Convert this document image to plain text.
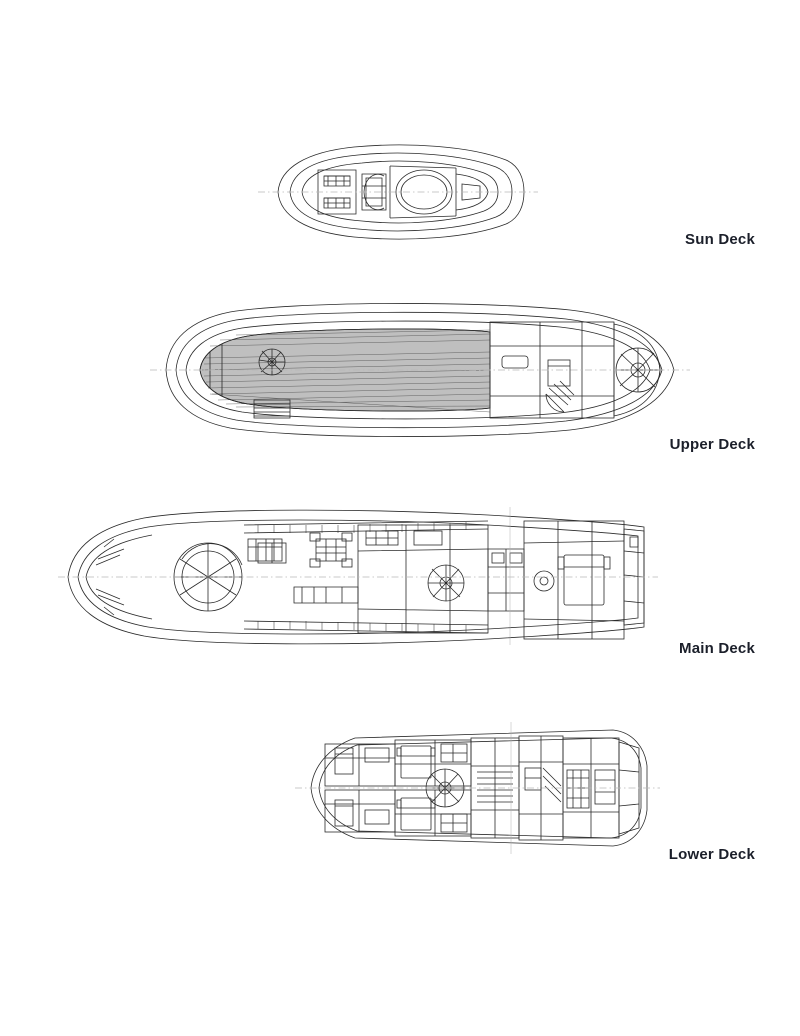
Sun Deck
Upper Deck
Main Deck
Lower Deck
